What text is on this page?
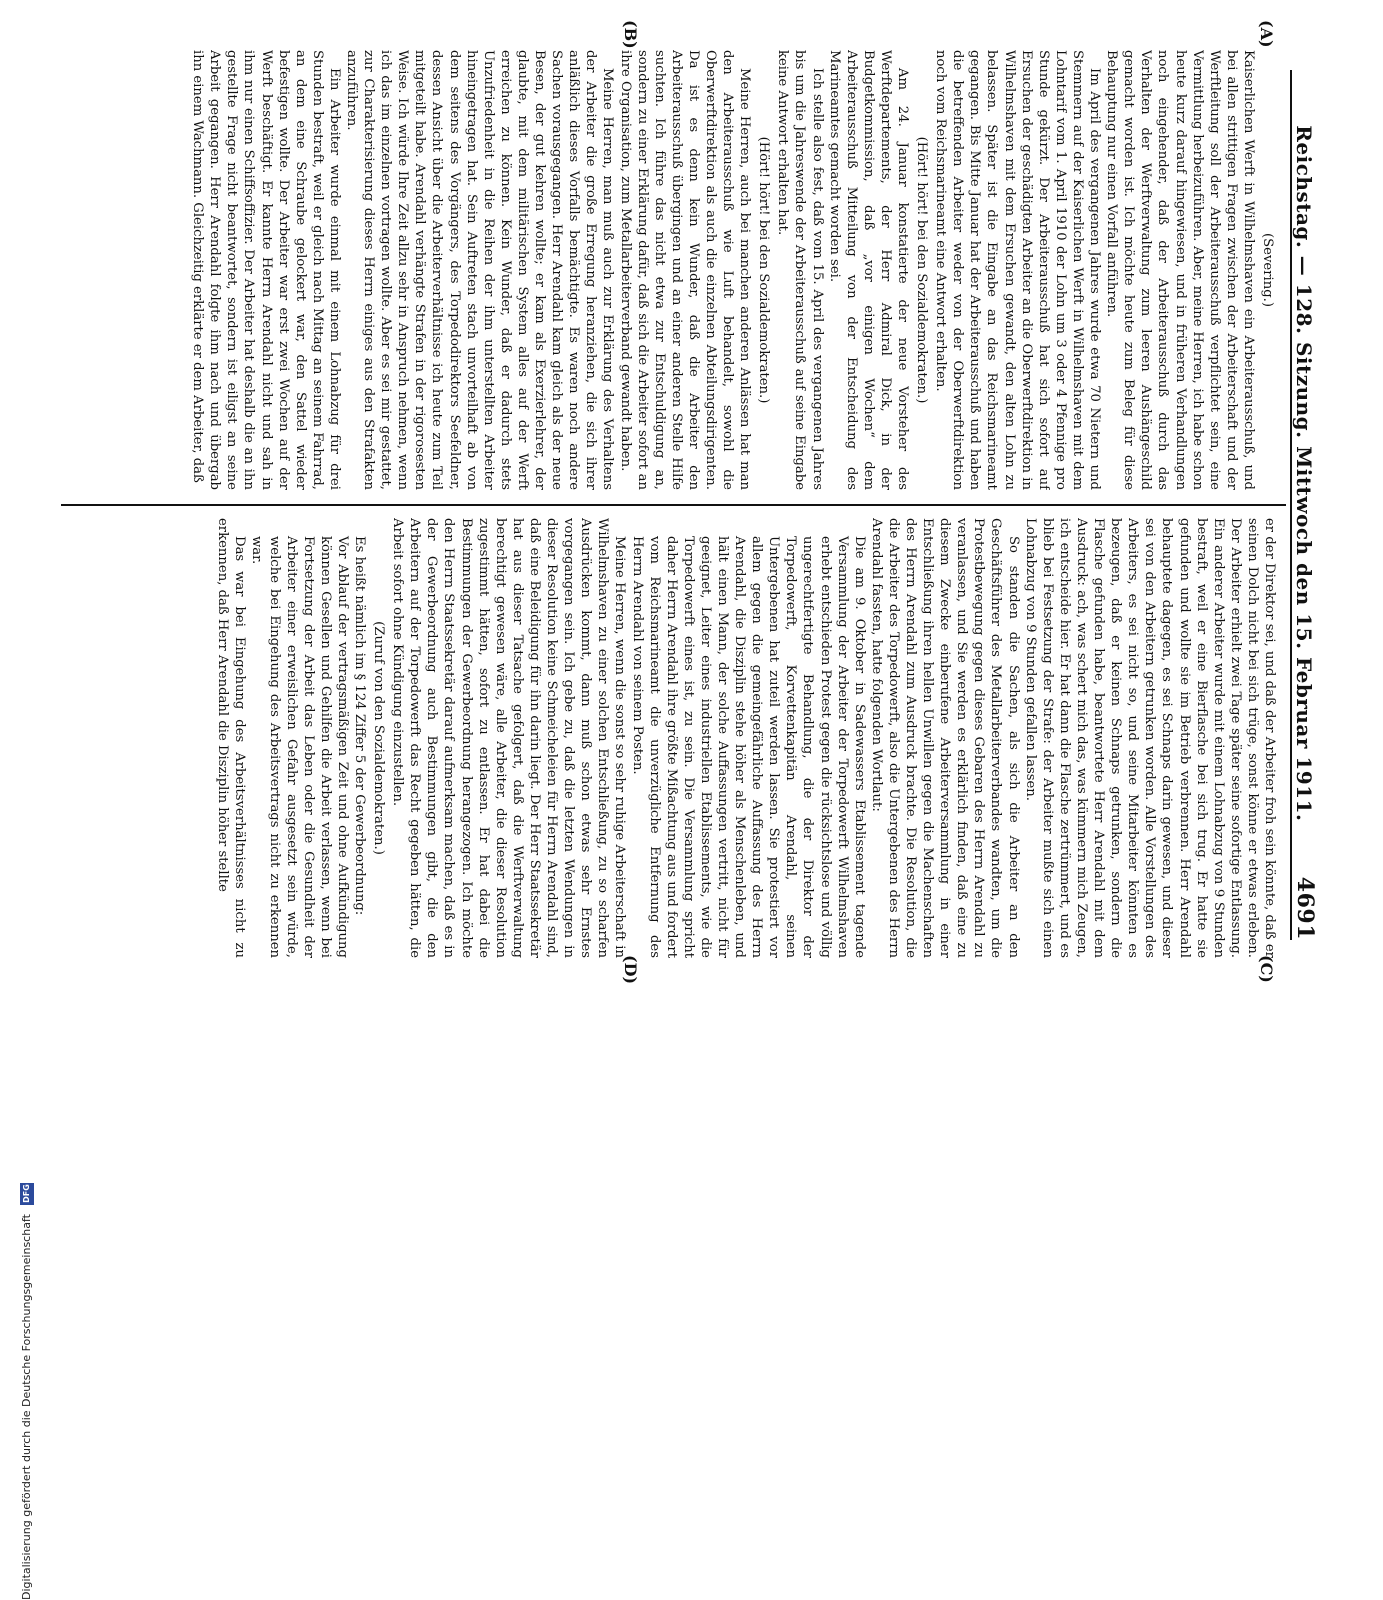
Reichstag. — 128. Sitzung. Mittwoch den 15. Februar 1911.
4691
(C)
(D)
(A)
(B)

er der Direktor sei, und daß der Arbeiter froh sein könnte, daß er seinen Dolch nicht bei sich trüge, sonst könne er etwas erleben. Der Arbeiter erhielt zwei Tage später seine sofortige Entlassung. Ein anderer Arbeiter wurde mit einem Lohnabzug von 9 Stunden bestraft, weil er eine Bierflasche bei sich trug. Er hatte sie gefunden und wollte sie im Betrieb verbrennen. Herr Arendahl behauptete dagegen, es sei Schnaps darin gewesen, und dieser sei von den Arbeitern getrunken worden. Alle Vorstellungen des Arbeiters, es sei nicht so, und seine Mitarbeiter könnten es bezeugen, daß er keinen Schnaps getrunken, sondern die Flasche gefunden habe, beantwortete Herr Arendahl mit dem Ausdruck: ach, was schert mich das, was kümmern mich Zeugen, ich entscheide hier. Er hat dann die Flasche zertrümmert, und es blieb bei Festsetzung der Strafe: der Arbeiter mußte sich einen Lohnabzug von 9 Stunden gefallen lassen.

So standen die Sachen, als sich die Arbeiter an den Geschäftsführer des Metallarbeiterverbandes wandten, um die Protestbewegung gegen dieses Gebaren des Herrn Arendahl zu veranlassen, und Sie werden es erklärlich finden, daß eine zu diesem Zwecke einberufene Arbeiterversammlung in einer Entschließung ihren hellen Unwillen gegen die Machenschaften des Herrn Arendahl zum Ausdruck brachte. Die Resolution, die die Arbeiter des Torpedowerft, also die Untergebenen des Herrn Arendahl fassten, hatte folgenden Wortlaut:

Die am 9. Oktober in Sadewassers Etablissement tagende Versammlung der Arbeiter der Torpedowerft Wilhelmshaven erhebt entschieden Protest gegen die rücksichtslose und völlig ungerechtfertigte Behandlung, die der Direktor der Torpedowerft, Korvettenkapitän Arendahl, seinen Untergebenen hat zuteil werden lassen. Sie protestiert vor allem gegen die gemeingefährliche Auffassung des Herrn Arendahl, die Disziplin stehe höher als Menschenleben, und hält einen Mann, der solche Auffassungen vertritt, nicht für geeignet, Leiter eines industriellen Etablissements, wie die Torpedowerft eines ist, zu sein. Die Versammlung spricht daher Herrn Arendahl ihre größte Mißachtung aus und fordert vom Reichsmarineamt die unverzügliche Entfernung des Herrn Arendahl von seinem Posten.

Meine Herren, wenn die sonst so sehr ruhige Arbeiterschaft in Wilhelmshaven zu einer solchen Entschließung, zu so scharfen Ausdrücken kommt, dann muß schon etwas sehr Ernstes vorgegangen sein. Ich gebe zu, daß die letzten Wendungen in dieser Resolution keine Schmeicheleien für Herrn Arendahl sind, daß eine Beleidigung für ihn darin liegt. Der Herr Staatssekretär hat aus dieser Tatsache gefolgert, daß die Werftverwaltung berechtigt gewesen wäre, alle Arbeiter, die dieser Resolution zugestimmt hätten, sofort zu entlassen. Er hat dabei die Bestimmungen der Gewerbeordnung herangezogen. Ich möchte den Herrn Staatssekretär darauf aufmerksam machen, daß es in der Gewerbeordnung auch Bestimmungen gibt, die den Arbeitern auf der Torpedowerft das Recht gegeben hätten, die Arbeit sofort ohne Kündigung einzustellen.

(Zuruf von den Sozialdemokraten.)

Es heißt nämlich im § 124 Ziffer 5 der Gewerbeordnung:

Vor Ablauf der vertragsmäßigen Zeit und ohne Aufkündigung können Gesellen und Gehilfen die Arbeit verlassen, wenn bei Fortsetzung der Arbeit das Leben oder die Gesundheit der Arbeiter einer erweislichen Gefahr ausgesetzt sein würde, welche bei Eingehung des Arbeitsvertrags nicht zu erkennen war.

Das war bei Eingehung des Arbeitsverhältnisses nicht zu erkennen, daß Herr Arendahl die Disziplin höher stellte

(Severing.)

Kaiserlichen Werft in Wilhelmshaven ein Arbeiterausschuß, und bei allen strittigen Fragen zwischen der Arbeiterschaft und der Werftleitung soll der Arbeiterausschuß verpflichtet sein, eine Vermittlung herbeizuführen. Aber, meine Herren, ich habe schon heute kurz darauf hingewiesen, und in früheren Verhandlungen noch eingehender, daß der Arbeiterausschuß durch das Verhalten der Werftverwaltung zum leeren Aushängeschild gemacht worden ist. Ich möchte heute zum Beleg für diese Behauptung nur einen Vorfall anführen.

Im April des vergangenen Jahres wurde etwa 70 Nietern und Stemmern auf der Kaiserlichen Werft in Wilhelmshaven mit dem Lohntarif vom 1. April 1910 der Lohn um 3 oder 4 Pfennige pro Stunde gekürzt. Der Arbeiterausschuß hat sich sofort auf Ersuchen der geschädigten Arbeiter an die Oberwerftdirektion in Wilhelmshaven mit dem Ersuchen gewandt, den alten Lohn zu belassen. Später ist die Eingabe an das Reichsmarineamt gegangen. Bis Mitte Januar hat der Arbeiterausschuß und haben die betreffenden Arbeiter weder von der Oberwerftdirektion noch vom Reichsmarineamt eine Antwort erhalten.

(Hört! hört! bei den Sozialdemokraten.)

Am 24. Januar konstatierte der neue Vorsteher des Werftdepartements, der Herr Admiral Dick, in der Budgetkommission, daß „vor einigen Wochen“ dem Arbeiterausschuß Mitteilung von der Entscheidung des Marineamtes gemacht worden sei.

Ich stelle also fest, daß vom 15. April des vergangenen Jahres bis um die Jahreswende der Arbeiterausschuß auf seine Eingabe keine Antwort erhalten hat.

(Hört! hört! bei den Sozialdemokraten.)

Meine Herren, auch bei manchen anderen Anlässen hat man den Arbeiterausschuß wie Luft behandelt, sowohl die Oberwerftdirektion als auch die einzelnen Abteilungsdirigenten. Da ist es denn kein Wunder, daß die Arbeiter den Arbeiterausschuß übergingen und an einer anderen Stelle Hilfe suchten. Ich führe das nicht etwa zur Entschuldigung an, sondern zu einer Erklärung dafür, daß sich die Arbeiter sofort an ihre Organisation, zum Metallarbeiterverband gewandt haben.

Meine Herren, man muß auch zur Erklärung des Verhaltens der Arbeiter die große Erregung heranziehen, die sich ihrer anläßlich dieses Vorfalls bemächtigte. Es waren noch andere Sachen vorausgegangen. Herr Arendahl kam gleich als der neue Besen, der gut kehren wollte; er kam als Exerzierlehrer, der glaubte, mit dem militärischen System alles auf der Werft erreichen zu können. Kein Wunder, daß er dadurch stets Unzufriedenheit in die Reihen der ihm unterstellten Arbeiter hineingetragen hat. Sein Auftreten stach unvorteilhaft ab von dem seitens des Vorgängers, des Torpedodirektors Seefeldner, dessen Ansicht über die Arbeiterverhältnisse ich heute zum Teil mitgeteilt habe. Arendahl verhängte Strafen in der rigorosesten Weise. Ich würde Ihre Zeit allzu sehr in Anspruch nehmen, wenn ich das im einzelnen vortragen wollte. Aber es sei mir gestattet, zur Charakterisierung dieses Herrn einiges aus den Strafakten anzuführen.

Ein Arbeiter wurde einmal mit einem Lohnabzug für drei Stunden bestraft, weil er gleich nach Mittag an seinem Fahrrad, an dem eine Schraube gelockert war, den Sattel wieder befestigen wollte. Der Arbeiter war erst zwei Wochen auf der Werft beschäftigt. Er kannte Herrn Arendahl nicht und sah in ihm nur einen Schiffsoffizier. Der Arbeiter hat deshalb die an ihn gestellte Frage nicht beantwortet, sondern ist eiligst an seine Arbeit gegangen. Herr Arendahl folgte ihm nach und übergab ihn einem Wachmann. Gleichzeitig erklärte er dem Arbeiter, daß

Digitalisierung gefördert durch die Deutsche Forschungsgemeinschaft DFG
